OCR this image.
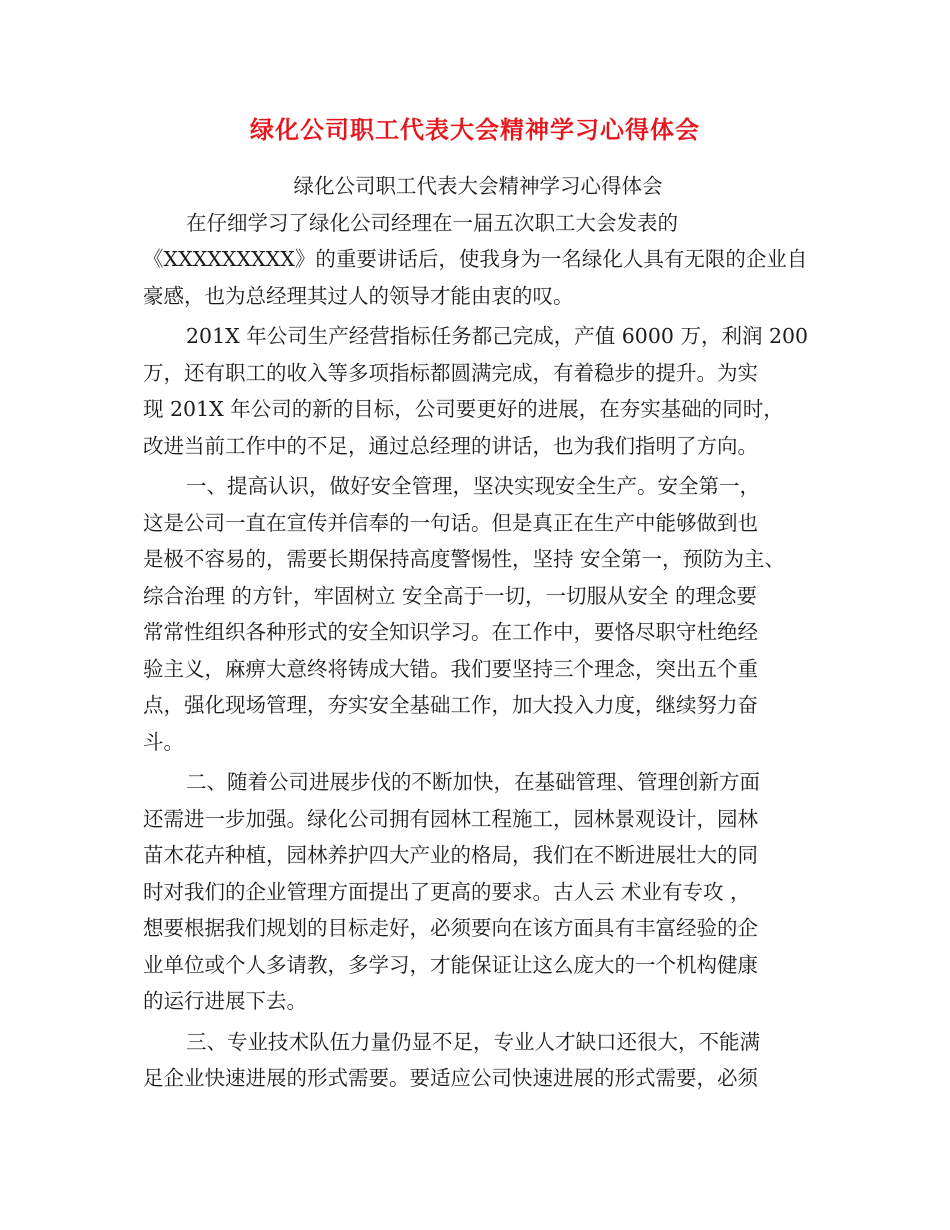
绿化公司职工代表大会精神学习心得体会
绿化公司职工代表大会精神学习心得体会
在仔细学习了绿化公司经理在一届五次职工大会发表的
《XXXXXXXXX》的重要讲话后，使我身为一名绿化人具有无限的企业自
豪感，也为总经理其过人的领导才能由衷的叹。
201X 年公司生产经营指标任务都己完成，产值 6000 万，利润 200
万，还有职工的收入等多项指标都圆满完成，有着稳步的提升。为实
现 201X 年公司的新的目标，公司要更好的进展，在夯实基础的同时，
改进当前工作中的不足，通过总经理的讲话，也为我们指明了方向。
一、提高认识，做好安全管理，坚决实现安全生产。安全第一，
这是公司一直在宣传并信奉的一句话。但是真正在生产中能够做到也
是极不容易的，需要长期保持高度警惕性，坚持 安全第一，预防为主、
综合治理 的方针，牢固树立 安全高于一切，一切服从安全 的理念要
常常性组织各种形式的安全知识学习。在工作中，要恪尽职守杜绝经
验主义，麻痹大意终将铸成大错。我们要坚持三个理念，突出五个重
点，强化现场管理，夯实安全基础工作，加大投入力度，继续努力奋
斗。
二、随着公司进展步伐的不断加快，在基础管理、管理创新方面
还需进一步加强。绿化公司拥有园林工程施工，园林景观设计，园林
苗木花卉种植，园林养护四大产业的格局，我们在不断进展壮大的同
时对我们的企业管理方面提出了更高的要求。古人云 术业有专攻 ，
想要根据我们规划的目标走好，必须要向在该方面具有丰富经验的企
业单位或个人多请教，多学习，才能保证让这么庞大的一个机构健康
的运行进展下去。
三、专业技术队伍力量仍显不足，专业人才缺口还很大，不能满
足企业快速进展的形式需要。要适应公司快速进展的形式需要，必须
